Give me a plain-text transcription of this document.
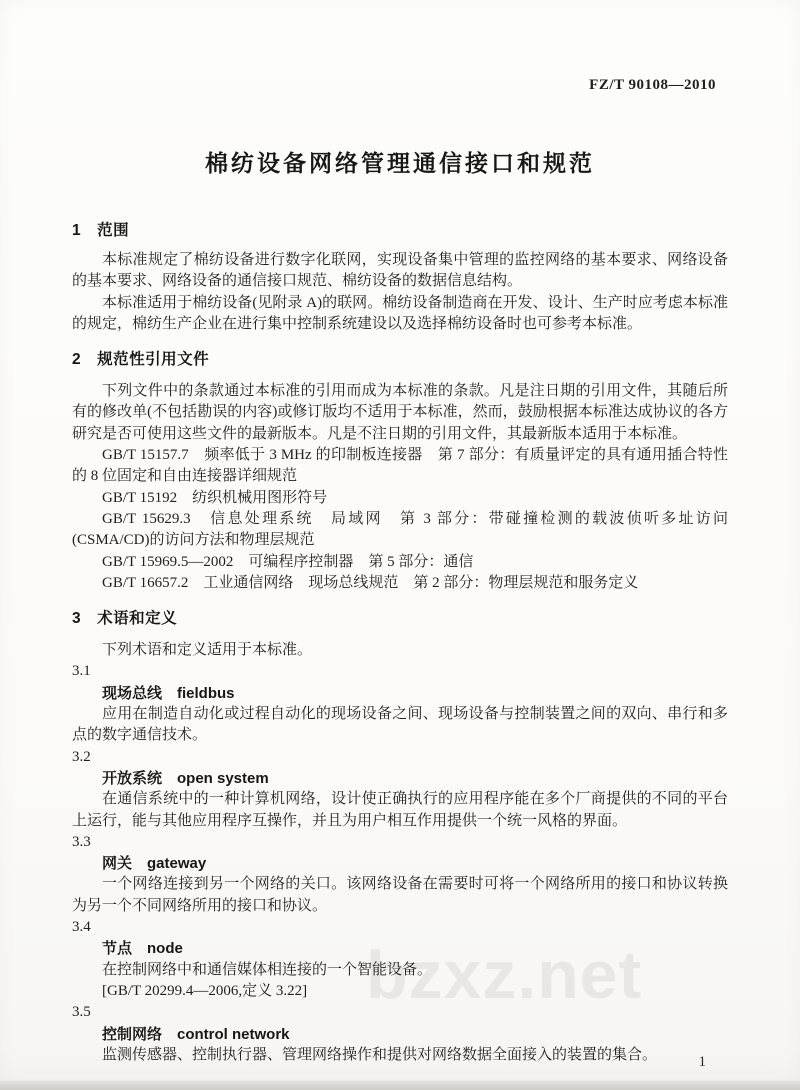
bzxz.net
FZ/T 90108—2010
棉纺设备网络管理通信接口和规范
1　范围

本标准规定了棉纺设备进行数字化联网，实现设备集中管理的监控网络的基本要求、网络设备的基本要求、网络设备的通信接口规范、棉纺设备的数据信息结构。

本标准适用于棉纺设备(见附录 A)的联网。棉纺设备制造商在开发、设计、生产时应考虑本标准的规定，棉纺生产企业在进行集中控制系统建设以及选择棉纺设备时也可参考本标准。

2　规范性引用文件

下列文件中的条款通过本标准的引用而成为本标准的条款。凡是注日期的引用文件，其随后所有的修改单(不包括勘误的内容)或修订版均不适用于本标准，然而，鼓励根据本标准达成协议的各方研究是否可使用这些文件的最新版本。凡是不注日期的引用文件，其最新版本适用于本标准。

GB/T 15157.7　频率低于 3 MHz 的印制板连接器　第 7 部分：有质量评定的具有通用插合特性的 8 位固定和自由连接器详细规范

GB/T 15192　纺织机械用图形符号

GB/T 15629.3　信息处理系统　局域网　第 3 部分：带碰撞检测的载波侦听多址访问(CSMA/CD)的访问方法和物理层规范

GB/T 15969.5—2002　可编程序控制器　第 5 部分：通信

GB/T 16657.2　工业通信网络　现场总线规范　第 2 部分：物理层规范和服务定义

3　术语和定义

下列术语和定义适用于本标准。

3.1

现场总线　fieldbus

应用在制造自动化或过程自动化的现场设备之间、现场设备与控制装置之间的双向、串行和多点的数字通信技术。

3.2

开放系统　open system

在通信系统中的一种计算机网络，设计使正确执行的应用程序能在多个厂商提供的不同的平台上运行，能与其他应用程序互操作，并且为用户相互作用提供一个统一风格的界面。

3.3

网关　gateway

一个网络连接到另一个网络的关口。该网络设备在需要时可将一个网络所用的接口和协议转换为另一个不同网络所用的接口和协议。

3.4

节点　node

在控制网络中和通信媒体相连接的一个智能设备。

[GB/T 20299.4—2006,定义 3.22]

3.5

控制网络　control network

监测传感器、控制执行器、管理网络操作和提供对网络数据全面接入的装置的集合。	1
